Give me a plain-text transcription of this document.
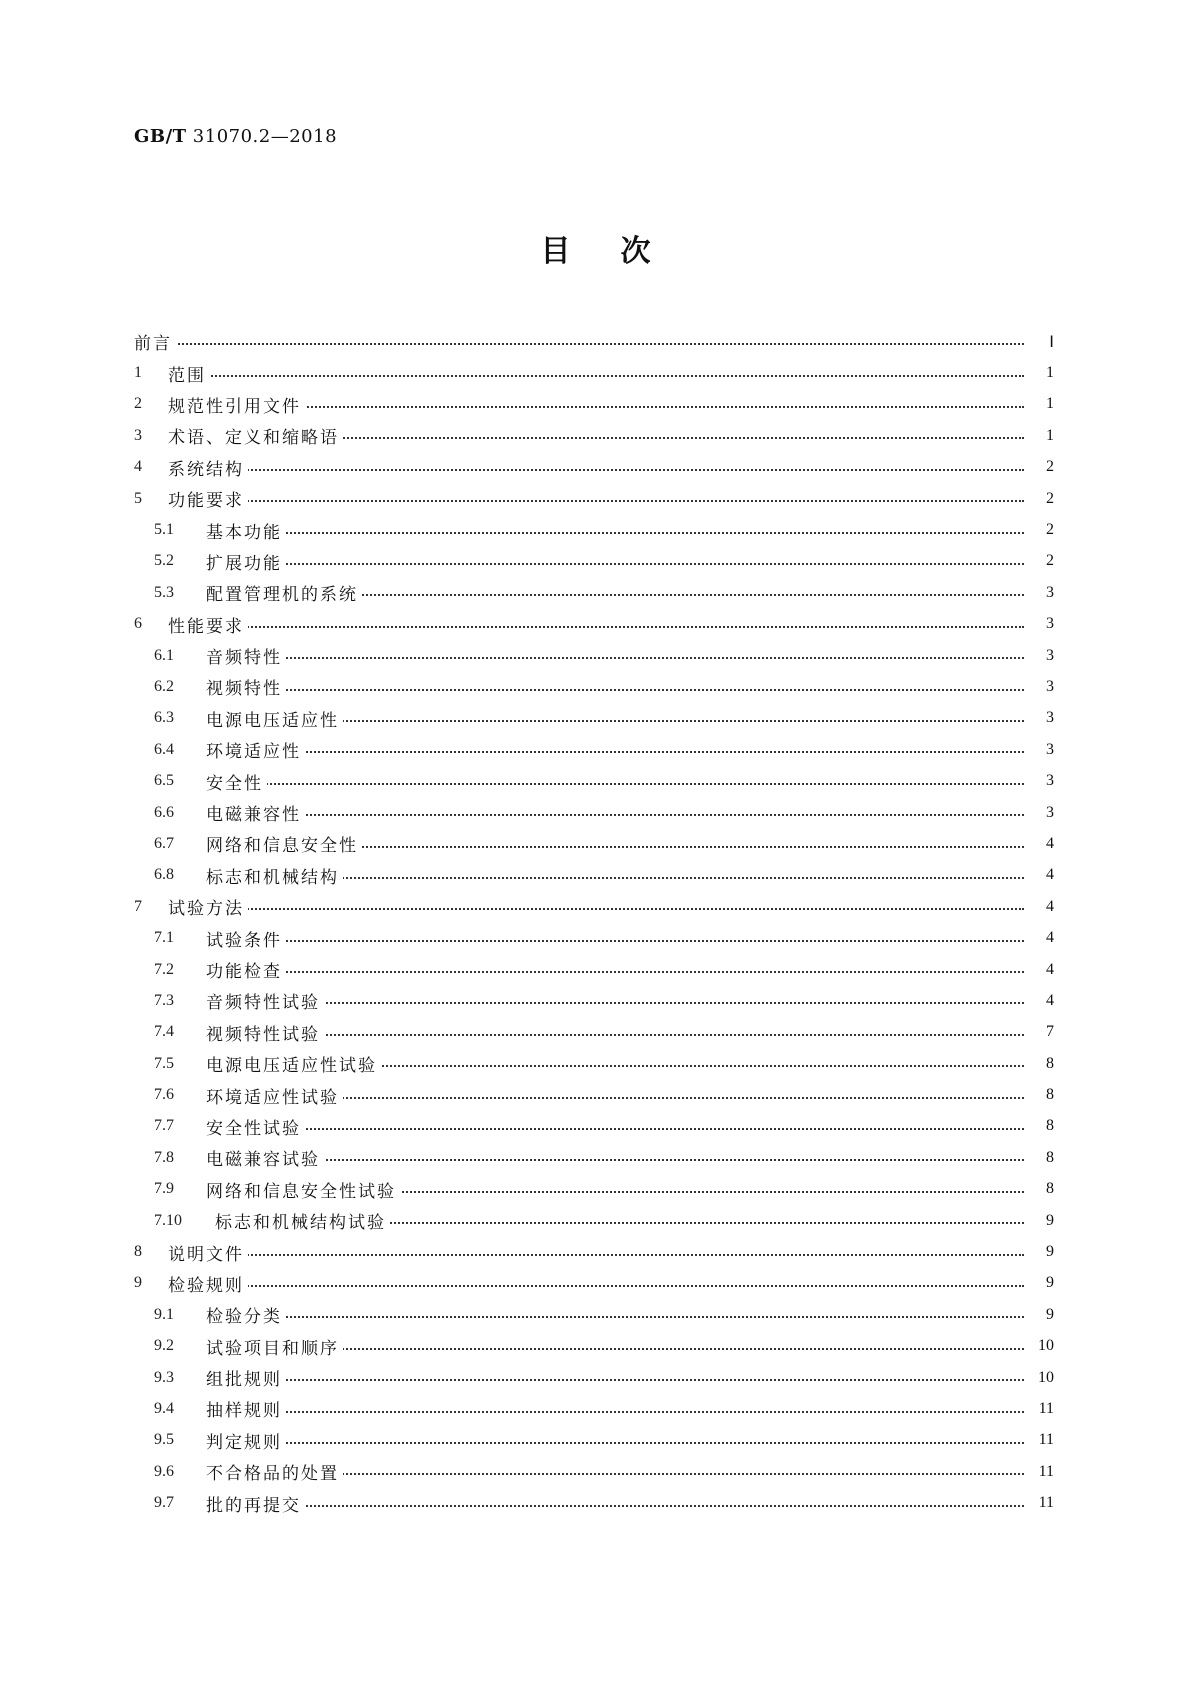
GB/T 31070.2—2018
目次
前言	Ⅰ
1 范围	1
2 规范性引用文件	1
3 术语、定义和缩略语	1
4 系统结构	2
5 功能要求	2
5.1 基本功能	2
5.2 扩展功能	2
5.3 配置管理机的系统	3
6 性能要求	3
6.1 音频特性	3
6.2 视频特性	3
6.3 电源电压适应性	3
6.4 环境适应性	3
6.5 安全性	3
6.6 电磁兼容性	3
6.7 网络和信息安全性	4
6.8 标志和机械结构	4
7 试验方法	4
7.1 试验条件	4
7.2 功能检查	4
7.3 音频特性试验	4
7.4 视频特性试验	7
7.5 电源电压适应性试验	8
7.6 环境适应性试验	8
7.7 安全性试验	8
7.8 电磁兼容试验	8
7.9 网络和信息安全性试验	8
7.10 标志和机械结构试验	9
8 说明文件	9
9 检验规则	9
9.1 检验分类	9
9.2 试验项目和顺序	10
9.3 组批规则	10
9.4 抽样规则	11
9.5 判定规则	11
9.6 不合格品的处置	11
9.7 批的再提交	11
